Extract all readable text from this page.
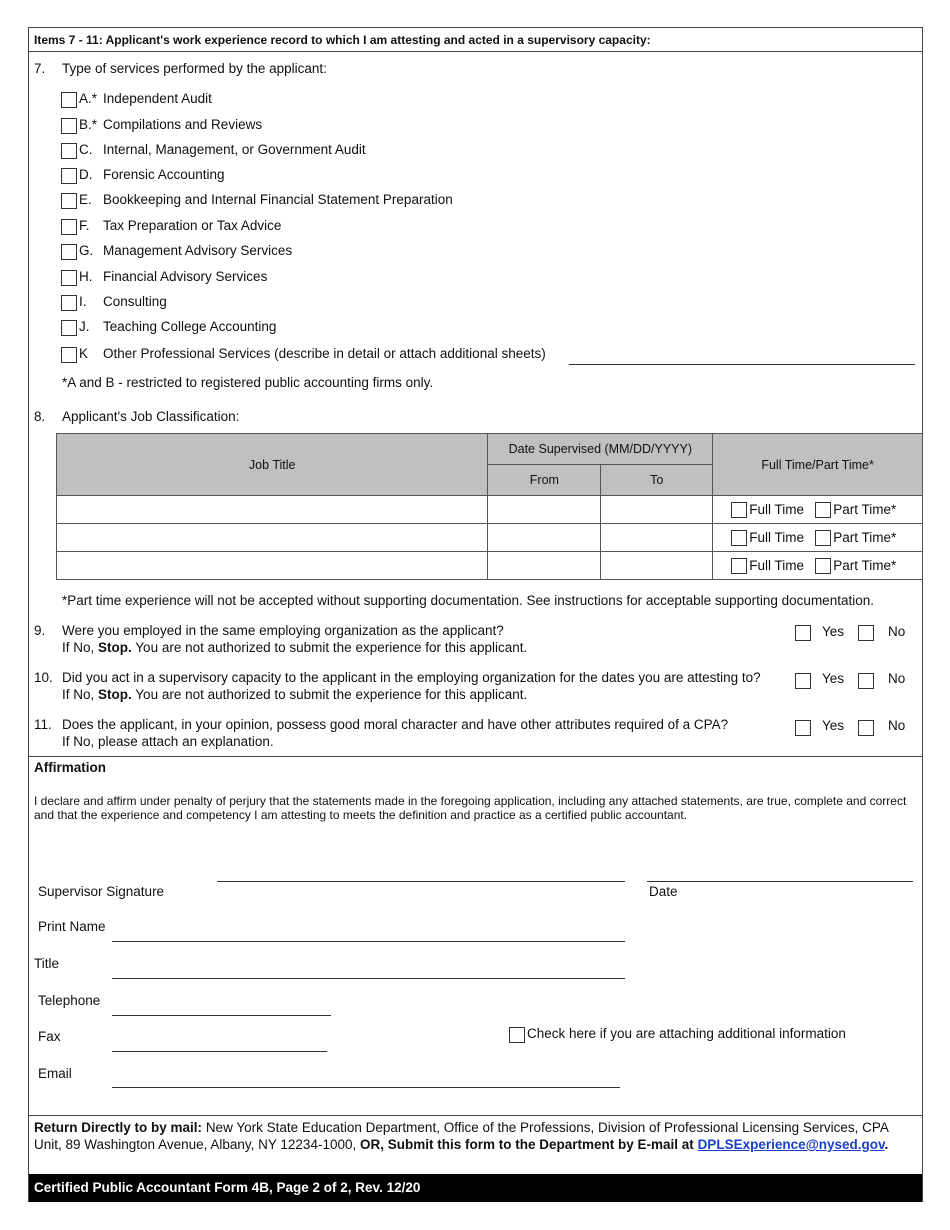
Items 7 - 11: Applicant's work experience record to which I am attesting and acted in a supervisory capacity:
7. Type of services performed by the applicant:
A.* Independent Audit
B.* Compilations and Reviews
C. Internal, Management, or Government Audit
D. Forensic Accounting
E. Bookkeeping and Internal Financial Statement Preparation
F. Tax Preparation or Tax Advice
G. Management Advisory Services
H. Financial Advisory Services
I. Consulting
J. Teaching College Accounting
K Other Professional Services (describe in detail or attach additional sheets)
*A and B - restricted to registered public accounting firms only.
8. Applicant's Job Classification:
Job Title	Date Supervised (MM/DD/YYYY)		Full Time/Part Time*
	From	To	

			Full Time Part Time*

			Full Time Part Time*

			Full Time Part Time*
*Part time experience will not be accepted without supporting documentation. See instructions for acceptable supporting documentation.
9. Were you employed in the same employing organization as the applicant?
If No, Stop. You are not authorized to submit the experience for this applicant.
Yes	No
10. Did you act in a supervisory capacity to the applicant in the employing organization for the dates you are attesting to?
If No, Stop. You are not authorized to submit the experience for this applicant.
Yes	No
11. Does the applicant, in your opinion, possess good moral character and have other attributes required of a CPA?
If No, please attach an explanation.
Yes	No
Affirmation
I declare and affirm under penalty of perjury that the statements made in the foregoing application, including any attached statements, are true, complete and correct and that the experience and competency I am attesting to meets the definition and practice as a certified public accountant.
Supervisor Signature	Date
Print Name
Title
Telephone
Fax	Check here if you are attaching additional information
Email
Return Directly to by mail: New York State Education Department, Office of the Professions, Division of Professional Licensing Services, CPA Unit, 89 Washington Avenue, Albany, NY 12234-1000, OR, Submit this form to the Department by E-mail at DPLSExperience@nysed.gov.
Certified Public Accountant Form 4B, Page 2 of 2, Rev. 12/20
